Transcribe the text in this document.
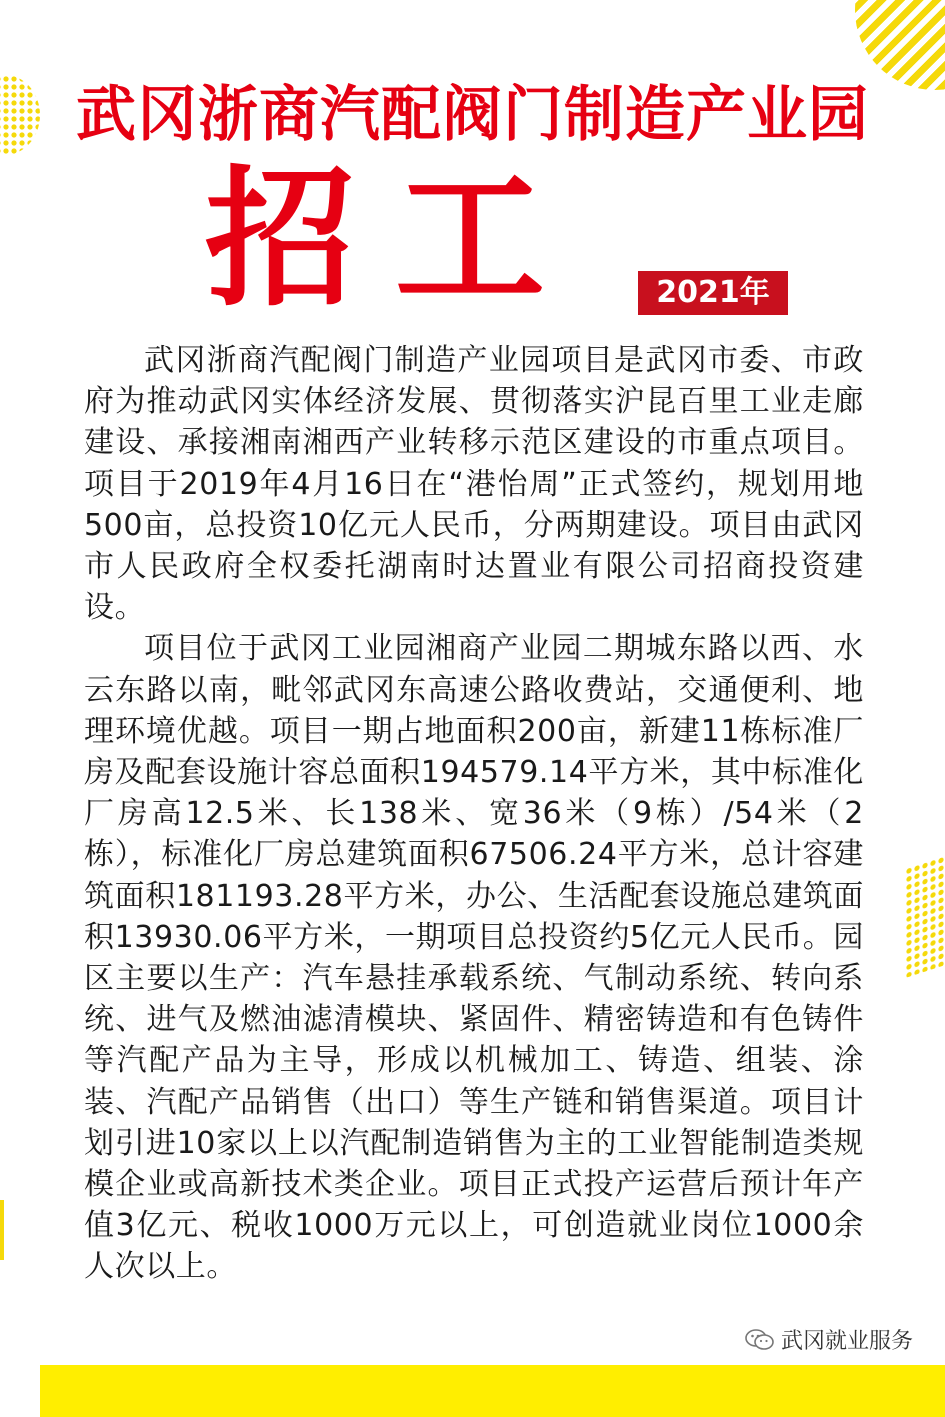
武冈浙商汽配阀门制造产业园
招工	2021年

武冈浙商汽配阀门制造产业园项目是武冈市委、市政府为推动武冈实体经济发展、贯彻落实沪昆百里工业走廊建设、承接湘南湘西产业转移示范区建设的市重点项目。项目于2019年4月16日在“港怡周”正式签约，规划用地500亩，总投资10亿元人民币，分两期建设。项目由武冈市人民政府全权委托湖南时达置业有限公司招商投资建设。

项目位于武冈工业园湘商产业园二期城东路以西、水云东路以南，毗邻武冈东高速公路收费站，交通便利、地理环境优越。项目一期占地面积200亩，新建11栋标准厂房及配套设施计容总面积194579.14平方米，其中标准化厂房高12.5米、长138米、宽36米（9栋）/54米（2栋），标准化厂房总建筑面积67506.24平方米，总计容建筑面积181193.28平方米，办公、生活配套设施总建筑面积13930.06平方米，一期项目总投资约5亿元人民币。园区主要以生产：汽车悬挂承载系统、气制动系统、转向系统、进气及燃油滤清模块、紧固件、精密铸造和有色铸件等汽配产品为主导，形成以机械加工、铸造、组装、涂装、汽配产品销售（出口）等生产链和销售渠道。项目计划引进10家以上以汽配制造销售为主的工业智能制造类规模企业或高新技术类企业。项目正式投产运营后预计年产值3亿元、税收1000万元以上，可创造就业岗位1000余人次以上。

武冈就业服务
